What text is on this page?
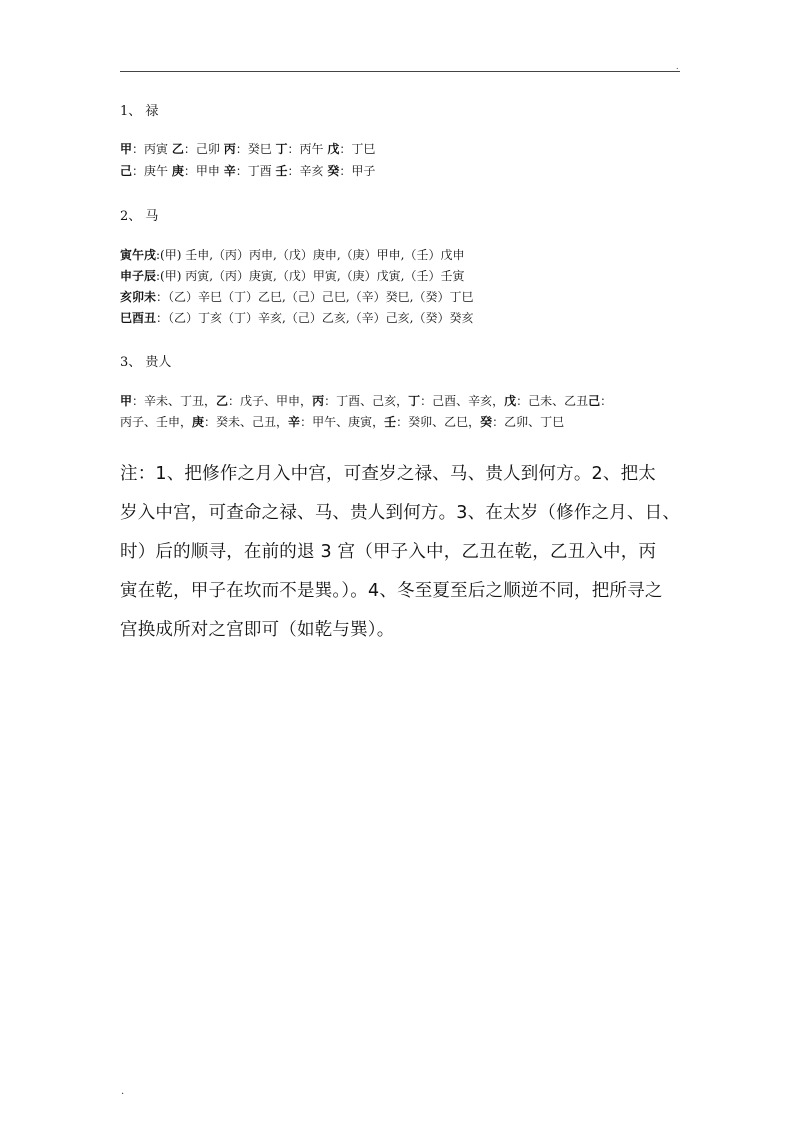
.
1、 禄
甲：丙寅 乙：己卯 丙：癸巳 丁：丙午 戊：丁巳
己：庚午 庚：甲申 辛：丁酉 壬：辛亥 癸：甲子
2、 马
寅午戌:(甲) 壬申,（丙）丙申,（戊）庚申,（庚）甲申,（壬）戊申
申子辰:(甲) 丙寅,（丙）庚寅,（戊）甲寅,（庚）戊寅,（壬）壬寅
亥卯未：（乙）辛巳（丁）乙巳,（己）己巳,（辛）癸巳,（癸）丁巳
巳酉丑：（乙）丁亥（丁）辛亥,（己）乙亥,（辛）己亥,（癸）癸亥
3、 贵人
甲：辛未、丁丑，乙：戊子、甲申，丙：丁酉、己亥，丁：己酉、辛亥，戊：己未、乙丑己：
丙子、壬申，庚：癸未、己丑，辛：甲午、庚寅，壬：癸卯、乙巳，癸：乙卯、丁巳

注：1、把修作之月入中宫，可查岁之禄、马、贵人到何方。2、把太

岁入中宫，可查命之禄、马、贵人到何方。3、在太岁（修作之月、日、

时）后的顺寻，在前的退 3 宫（甲子入中，乙丑在乾，乙丑入中，丙

寅在乾，甲子在坎而不是巽。）。4、冬至夏至后之顺逆不同，把所寻之

宫换成所对之宫即可（如乾与巽）。

.
